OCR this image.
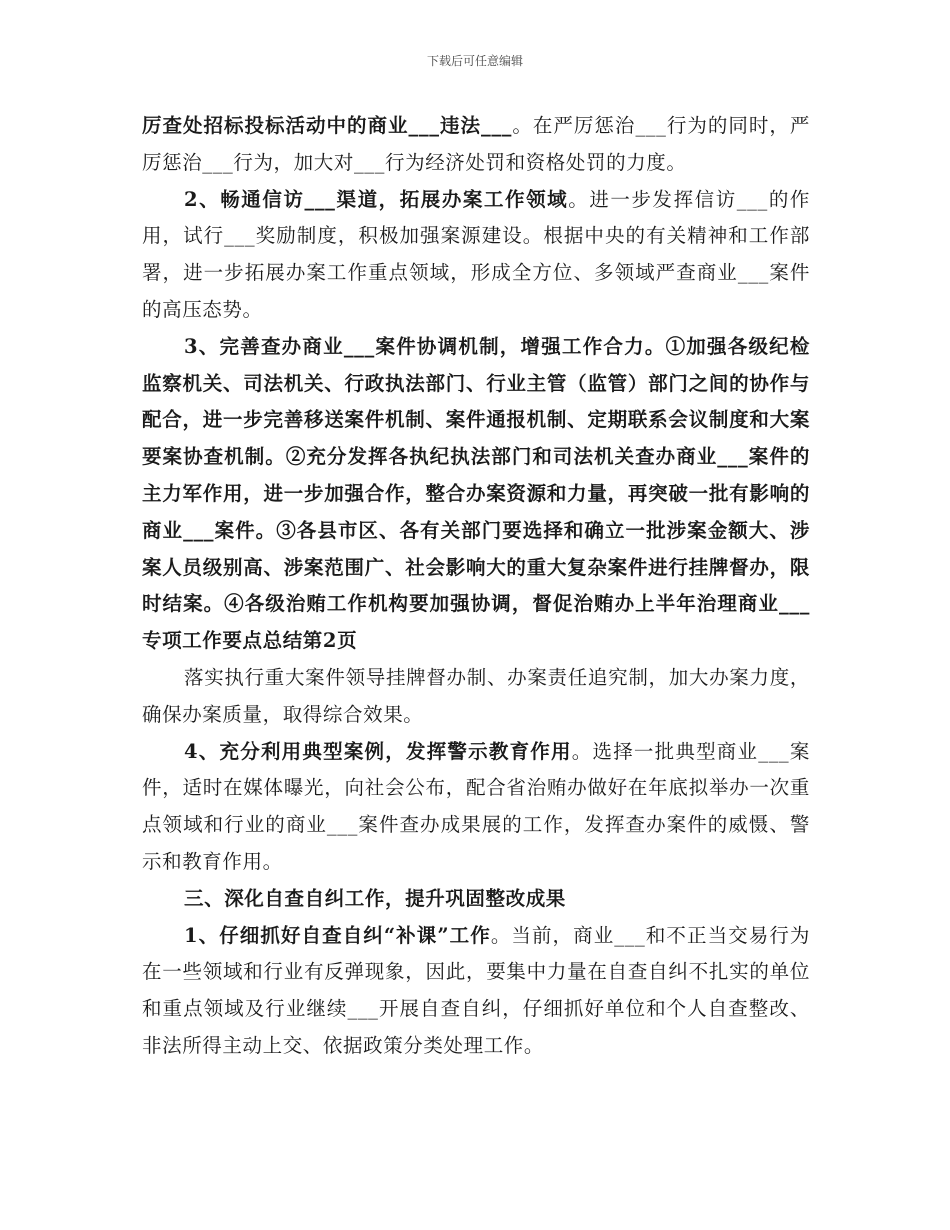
下载后可任意编辑

厉查处招标投标活动中的商业___违法___。在严厉惩治___行为的同时，严厉惩治___行为，加大对___行为经济处罚和资格处罚的力度。

2、畅通信访___渠道，拓展办案工作领域。进一步发挥信访___的作用，试行___奖励制度，积极加强案源建设。根据中央的有关精神和工作部署，进一步拓展办案工作重点领域，形成全方位、多领域严查商业___案件的高压态势。

3、完善查办商业___案件协调机制，增强工作合力。①加强各级纪检监察机关、司法机关、行政执法部门、行业主管（监管）部门之间的协作与配合，进一步完善移送案件机制、案件通报机制、定期联系会议制度和大案要案协查机制。②充分发挥各执纪执法部门和司法机关查办商业___案件的主力军作用，进一步加强合作，整合办案资源和力量，再突破一批有影响的商业___案件。③各县市区、各有关部门要选择和确立一批涉案金额大、涉案人员级别高、涉案范围广、社会影响大的重大复杂案件进行挂牌督办，限时结案。④各级治贿工作机构要加强协调，督促治贿办上半年治理商业___专项工作要点总结第2页

落实执行重大案件领导挂牌督办制、办案责任追究制，加大办案力度，确保办案质量，取得综合效果。

4、充分利用典型案例，发挥警示教育作用。选择一批典型商业___案件，适时在媒体曝光，向社会公布，配合省治贿办做好在年底拟举办一次重点领域和行业的商业___案件查办成果展的工作，发挥查办案件的威慑、警示和教育作用。

三、深化自查自纠工作，提升巩固整改成果

1、仔细抓好自查自纠“补课”工作。当前，商业___和不正当交易行为在一些领域和行业有反弹现象，因此，要集中力量在自查自纠不扎实的单位和重点领域及行业继续___开展自查自纠，仔细抓好单位和个人自查整改、非法所得主动上交、依据政策分类处理工作。
